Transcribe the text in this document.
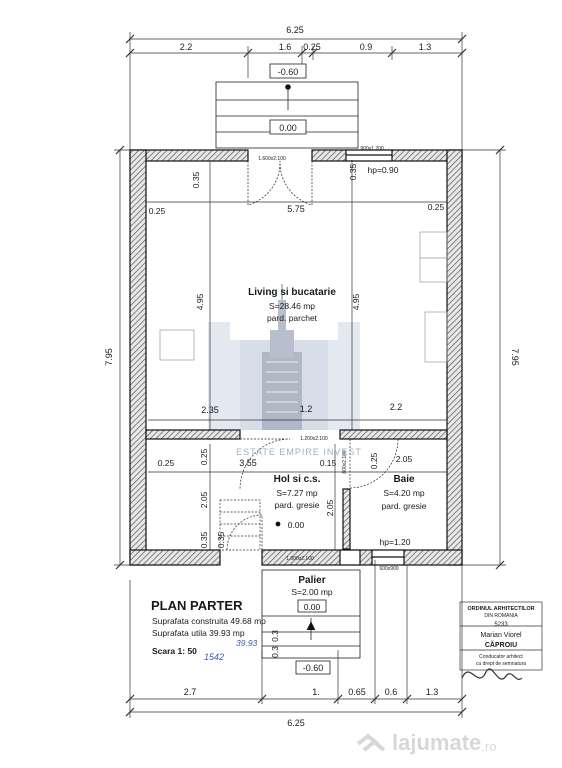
6.25
2.2	1.6 0.25	0.9	1.3
-0.60
0.00
1.600x2.100
900x1.200
hp=0.90
7.95	7.95
0.35	0.35
0.25	5.75	0.25
4.95	4.95
2.35	1.2	2.2
Living si bucatarie
S=28.46 mp
pard. parchet
1.200x2.100
0.25	0.25	3.55	800x2.100
0.15	0.25 2.05
Hol si c.s.
S=7.27 mp
pard. gresie
Baie
S=4.20 mp
pard. gresie
2.05	2.05
0.00
0.35 0.35	hp=1.20
1.000x2.100
600x900
Palier
S=2.00 mp
0.00
0.3
0.3
-0.60
PLAN PARTER
Suprafata construita 49.68 mp
Suprafata utila 39.93 mp
Scara 1: 50
39.93
1542
2.7	1.	0.65 0.6	1.3
6.25
ORDINUL ARHITECTILOR
DIN ROMANIA
5233
Marian Viorel
CĂPROIU
Conducator arhitect
cu drept de semnatura
ESTATE EMPIRE INVEST
lajumate .ro
